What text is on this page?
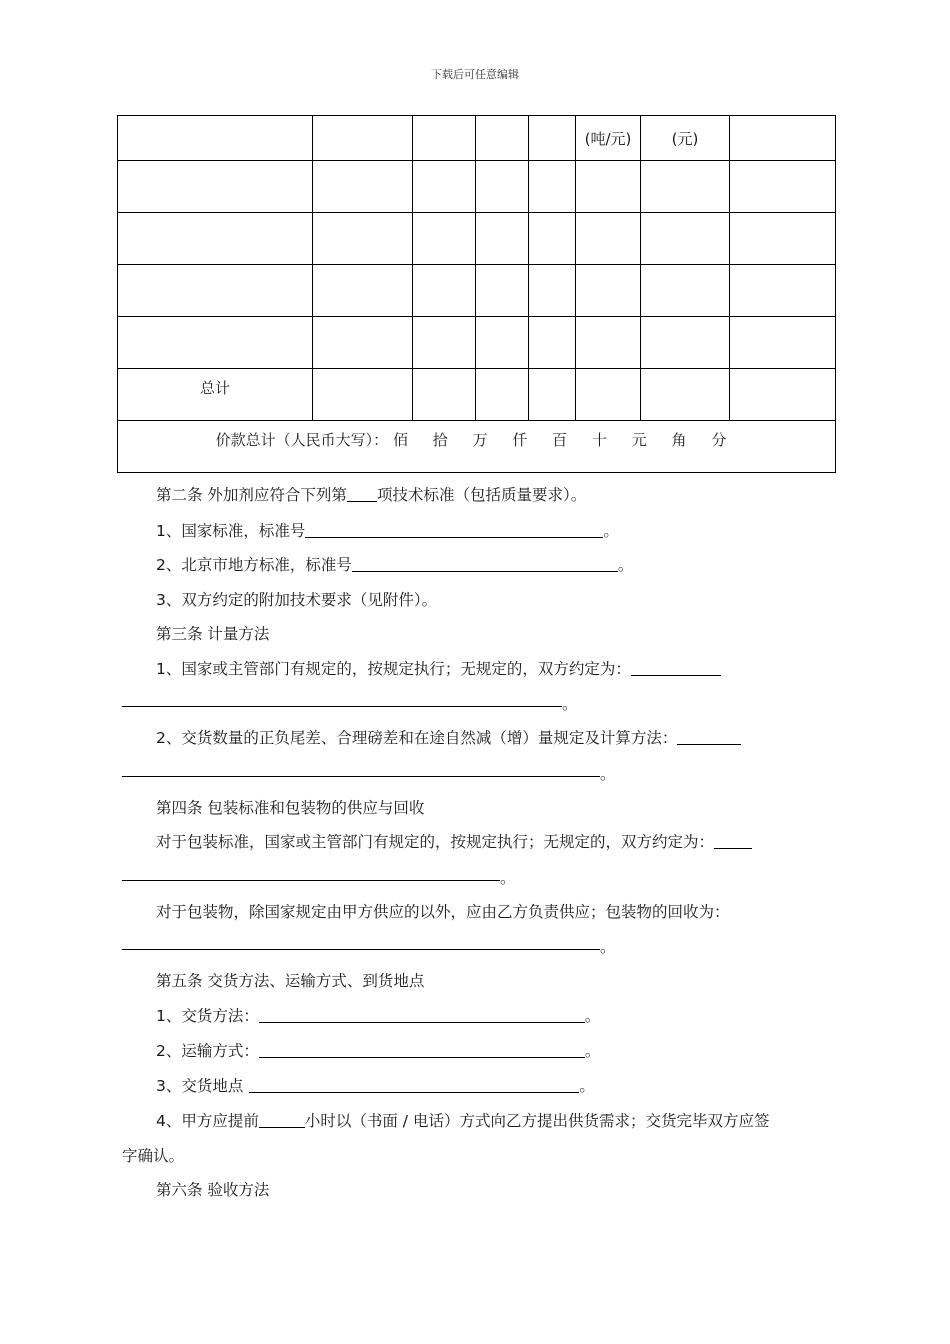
下载后可任意编辑
					(吨/元)	(元)	

总计							
价款总计（人民币大写）： 佰 拾 万 仟 百 十 元 角 分							
第二条 外加剂应符合下列第 项技术标准（包括质量要求）。
1、国家标准，标准号	。
2、北京市地方标准，标准号	。
3、双方约定的附加技术要求（见附件）。
第三条 计量方法
1、国家或主管部门有规定的，按规定执行；无规定的，双方约定为：
。
2、交货数量的正负尾差、合理磅差和在途自然减（增）量规定及计算方法：
。
第四条 包装标准和包装物的供应与回收
对于包装标准，国家或主管部门有规定的，按规定执行；无规定的，双方约定为：
。
对于包装物，除国家规定由甲方供应的以外，应由乙方负责供应；包装物的回收为：
。
第五条 交货方法、运输方式、到货地点
1、交货方法：	。
2、运输方式：	。
3、交货地点	。
4、甲方应提前	小时以（书面 / 电话）方式向乙方提出供货需求；交货完毕双方应签
字确认。
第六条 验收方法
